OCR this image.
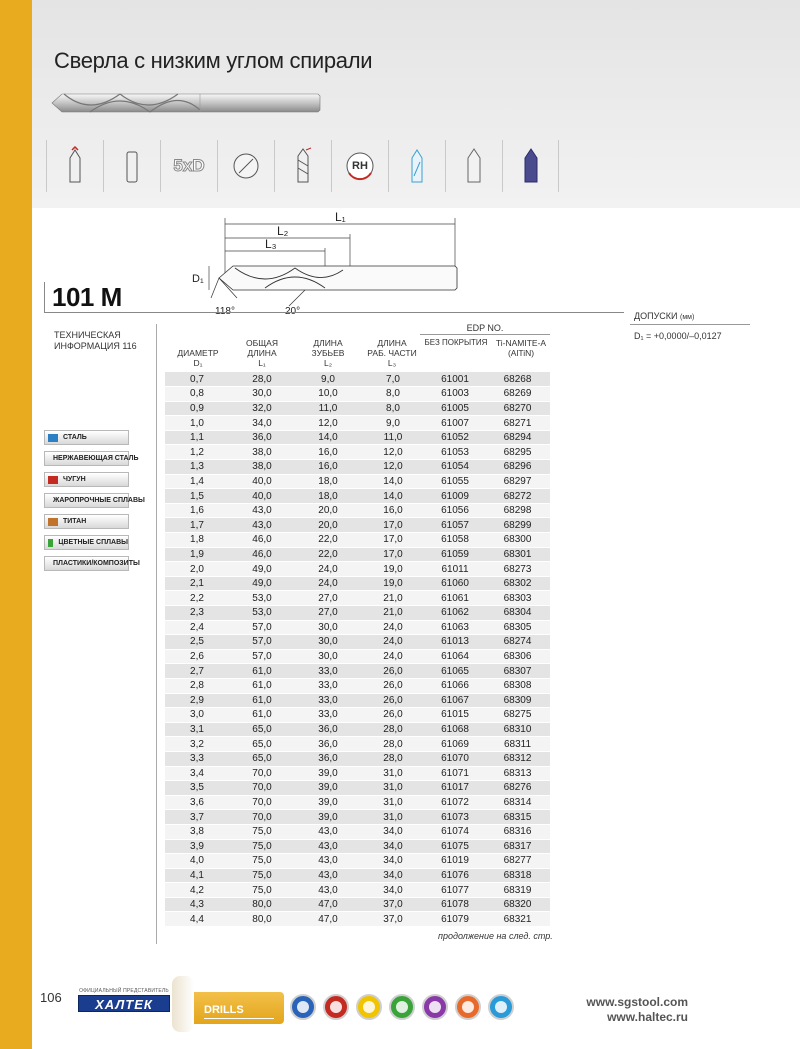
Сверла с низким углом спирали
5xD	RH
L₁
L₂
L₃
D₁
101 M
ДОПУСКИ (мм)
D₁ = +0,0000/–0,0127
ТЕХНИЧЕСКАЯ
ИНФОРМАЦИЯ 116
СТАЛЬ
НЕРЖАВЕЮЩАЯ СТАЛЬ
ЧУГУН
ЖАРОПРОЧНЫЕ СПЛАВЫ
ТИТАН
ЦВЕТНЫЕ СПЛАВЫ
ПЛАСТИКИ/КОМПОЗИТЫ
ДИАМЕТР
D₁
ОБЩАЯ
ДЛИНА
L₁
ДЛИНА
ЗУБЬЕВ
L₂
ДЛИНА
РАБ. ЧАСТИ
L₃
EDP NO.
БЕЗ ПОКРЫТИЯ Ti-NAMITE-A
(AlTiN)
0,7	28,0	9,0	7,0	61001	68268
0,8	30,0	10,0	8,0	61003	68269
0,9	32,0	11,0	8,0	61005	68270
1,0	34,0	12,0	9,0	61007	68271
1,1	36,0	14,0	11,0	61052	68294
1,2	38,0	16,0	12,0	61053	68295
1,3	38,0	16,0	12,0	61054	68296
1,4	40,0	18,0	14,0	61055	68297
1,5	40,0	18,0	14,0	61009	68272
1,6	43,0	20,0	16,0	61056	68298
1,7	43,0	20,0	17,0	61057	68299
1,8	46,0	22,0	17,0	61058	68300
1,9	46,0	22,0	17,0	61059	68301
2,0	49,0	24,0	19,0	61011	68273
2,1	49,0	24,0	19,0	61060	68302
2,2	53,0	27,0	21,0	61061	68303
2,3	53,0	27,0	21,0	61062	68304
2,4	57,0	30,0	24,0	61063	68305
2,5	57,0	30,0	24,0	61013	68274
2,6	57,0	30,0	24,0	61064	68306
2,7	61,0	33,0	26,0	61065	68307
2,8	61,0	33,0	26,0	61066	68308
2,9	61,0	33,0	26,0	61067	68309
3,0	61,0	33,0	26,0	61015	68275
3,1	65,0	36,0	28,0	61068	68310
3,2	65,0	36,0	28,0	61069	68311
3,3	65,0	36,0	28,0	61070	68312
3,4	70,0	39,0	31,0	61071	68313
3,5	70,0	39,0	31,0	61017	68276
3,6	70,0	39,0	31,0	61072	68314
3,7	70,0	39,0	31,0	61073	68315
3,8	75,0	43,0	34,0	61074	68316
3,9	75,0	43,0	34,0	61075	68317
4,0	75,0	43,0	34,0	61019	68277
4,1	75,0	43,0	34,0	61076	68318
4,2	75,0	43,0	34,0	61077	68319
4,3	80,0	47,0	37,0	61078	68320
4,4	80,0	47,0	37,0	61079	68321
продолжение на след. стр.
106	ОФИЦИАЛЬНЫЙ ПРЕДСТАВИТЕЛЬ
ХАЛТЕК	DRILLS
www.sgstool.com
www.haltec.ru
